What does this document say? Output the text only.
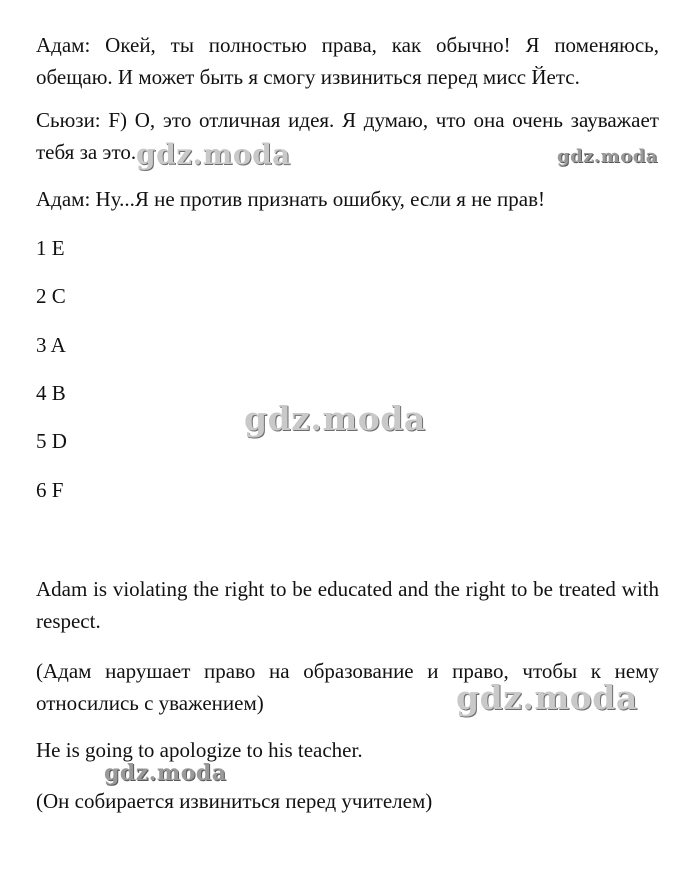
Адам: Окей, ты полностью права, как обычно! Я поменяюсь,
обещаю. И может быть я смогу извиниться перед мисс Йетс.
Сьюзи: F) О, это отличная идея. Я думаю, что она очень зауважает
тебя за это.
Адам: Ну...Я не против признать ошибку, если я не прав!
1 E
2 C
3 A
4 B
5 D
6 F
Adam is violating the right to be educated and the right to be treated with
respect.
(Адам нарушает право на образование и право, чтобы к нему
относились с уважением)
He is going to apologize to his teacher.
(Он собирается извиниться перед учителем)
gdz.moda	gdz.moda
gdz.moda
gdz.moda
gdz.moda
